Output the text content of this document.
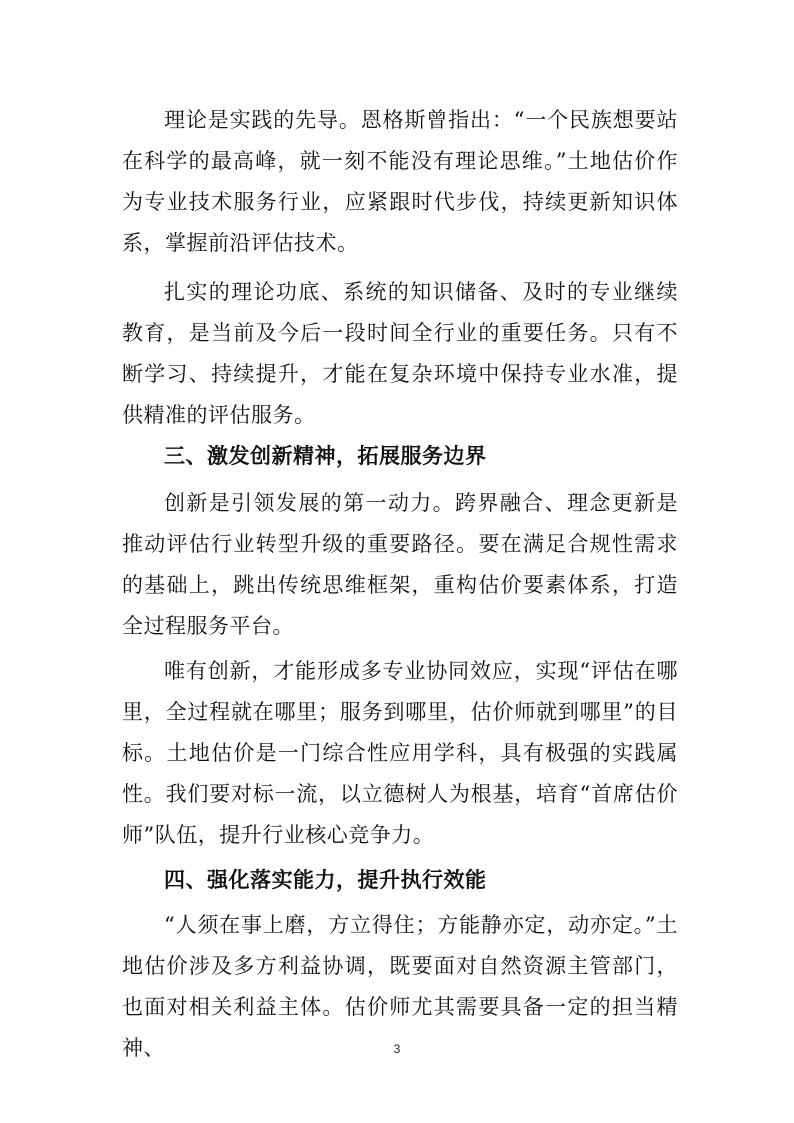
理论是实践的先导。恩格斯曾指出：“一个民族想要站在科学的最高峰，就一刻不能没有理论思维。”土地估价作为专业技术服务行业，应紧跟时代步伐，持续更新知识体系，掌握前沿评估技术。

扎实的理论功底、系统的知识储备、及时的专业继续教育，是当前及今后一段时间全行业的重要任务。只有不断学习、持续提升，才能在复杂环境中保持专业水准，提供精准的评估服务。

三、激发创新精神，拓展服务边界

创新是引领发展的第一动力。跨界融合、理念更新是推动评估行业转型升级的重要路径。要在满足合规性需求的基础上，跳出传统思维框架，重构估价要素体系，打造全过程服务平台。

唯有创新，才能形成多专业协同效应，实现“评估在哪里，全过程就在哪里；服务到哪里，估价师就到哪里”的目标。土地估价是一门综合性应用学科，具有极强的实践属性。我们要对标一流，以立德树人为根基，培育“首席估价师”队伍，提升行业核心竞争力。

四、强化落实能力，提升执行效能

“人须在事上磨，方立得住；方能静亦定，动亦定。”土地估价涉及多方利益协调，既要面对自然资源主管部门，也面对相关利益主体。估价师尤其需要具备一定的担当精神、	3
